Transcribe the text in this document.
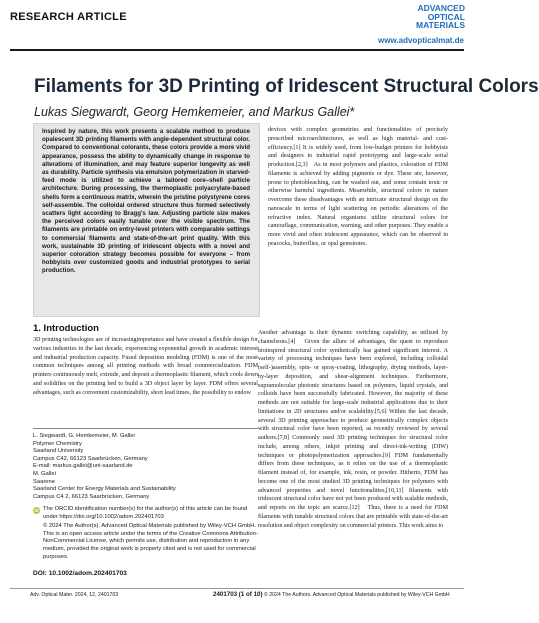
RESEARCH ARTICLE
ADVANCED
OPTICAL
MATERIALS
www.advopticalmat.de
Filaments for 3D Printing of Iridescent Structural Colors
Lukas Siegwardt, Georg Hemkemeier, and Markus Gallei*
Inspired by nature, this work presents a scalable method to produce opalescent 3D printing filaments with angle-dependent structural color. Compared to conventional colorants, these colors provide a more vivid appearance, possess the ability to dynamically change in response to alterations of illumination, and may feature superior longevity as well as durability. Particle synthesis via emulsion polymerization in starved-feed mode is utilized to achieve a tailored core–shell particle architecture. During processing, the thermoplastic polyacrylate-based shells form a continuous matrix, wherein the pristine polystyrene cores self-assemble. The colloidal ordered structure thus formed selectively scatters light according to Bragg's law. Adjusting particle size makes the perceived colors easily tunable over the visible spectrum. The filaments are printable on entry-level printers with comparable settings to commercial filaments and state-of-the-art print quality. With this work, sustainable 3D printing of iridescent objects with a novel and superior coloration strategy becomes possible for everyone – from hobbyists over customized goods and industrial prototypes to serial production.
1. Introduction
3D printing technologies are of increasingimportance and have created a flexible design for various industries in the last decade, experiencing exponential growth in academic interest and industrial production capacity. Fused deposition modeling (FDM) is one of the most common techniques among all printing methods with broad commercialization. FDM printers continuously melt, extrude, and deposit a thermoplastic filament, which cools down and solidifies on the printing bed to build a 3D object layer by layer. FDM offers several advantages, such as convenient customizability, short lead times, the possibility to endow
L. Siegwardt, G. Hemkemeier, M. Gallei
Polymer Chemistry
Saarland University
Campus C42, 66123 Saarbrücken, Germany
E-mail: markus.gallei@uni-saarland.de
M. Gallei
Saarene
Saarland Center for Energy Materials and Sustainability
Campus C4 2, 66123 Saarbrücken, Germany
iD The ORCID identification number(s) for the author(s) of this article can be found under https://doi.org/10.1002/adom.202401703
© 2024 The Author(s). Advanced Optical Materials published by Wiley-VCH GmbH. This is an open access article under the terms of the Creative Commons Attribution-NonCommercial License, which permits use, distribution and reproduction in any medium, provided the original work is properly cited and is not used for commercial purposes.
DOI: 10.1002/adom.202401703
devices with complex geometries and functionalities of precisely prescribed microarchitectures, as well as high material- and cost-efficiency.[1] It is widely used, from low-budget printers for hobbyists and designers to industrial rapid prototyping and large-scale serial production.[2,3]   As in most polymers and plastics, coloration of FDM filaments is achieved by adding pigments or dye. These are, however, prone to photobleaching, can be washed out, and some contain toxic or otherwise harmful ingredients. Meanwhile, structural colors in nature overcome these disadvantages with an intricate structural design on the nanoscale in terms of light scattering on periodic alterations of the refractive index. Natural organisms utilize structural colors for camouflage, communication, warning, and other purposes. They enable a more vivid and often iridescent appearance, which can be observed in peacocks, butterflies, or opal gemstones.
Another advantage is their dynamic switching capability, as utilized by chameleons.[4]   Given the allure of advantages, the quest to reproduce bioinspired structural color synthetically has gained significant interest. A variety of processing techniques have been explored, including colloidal (self-)assembly, spin- or spray-coating, lithography, drying methods, layer-by-layer deposition, and shear-alignment techniques. Furthermore, supramolecular photonic structures based on polymers, liquid crystals, and colloids have been successfully fabricated. However, the majority of these methods are not suitable for large-scale industrial applications due to their limitations in 2D structures and/or scalability.[5,6] Within the last decade, several 3D printing approaches to produce geometrically complex objects with structural color have been reported, as recently reviewed by several authors.[7,8] Commonly used 3D printing techniques for structural color include, among others, inkjet printing and direct-ink-writing (DIW) techniques or photopolymerization approaches.[9] FDM fundamentally differs from these techniques, as it relies on the use of a thermoplastic filament instead of, for example, ink, resin, or powder. Hitherto, FDM has become one of the most studied 3D printing techniques for polymers with advanced properties and novel functionalities,[10,11] filaments with iridescent structural color have not yet been produced with scalable methods, and reports on the topic are scarce.[12]   Thus, there is a need for FDM filaments with tunable structural colors that are printable with state-of-the-art resolution and object complexity on commercial printers. This work aims to
Adv. Optical Mater. 2024, 12, 2401703	2401703 (1 of 10) © 2024 The Authors. Advanced Optical Materials published by Wiley-VCH GmbH
